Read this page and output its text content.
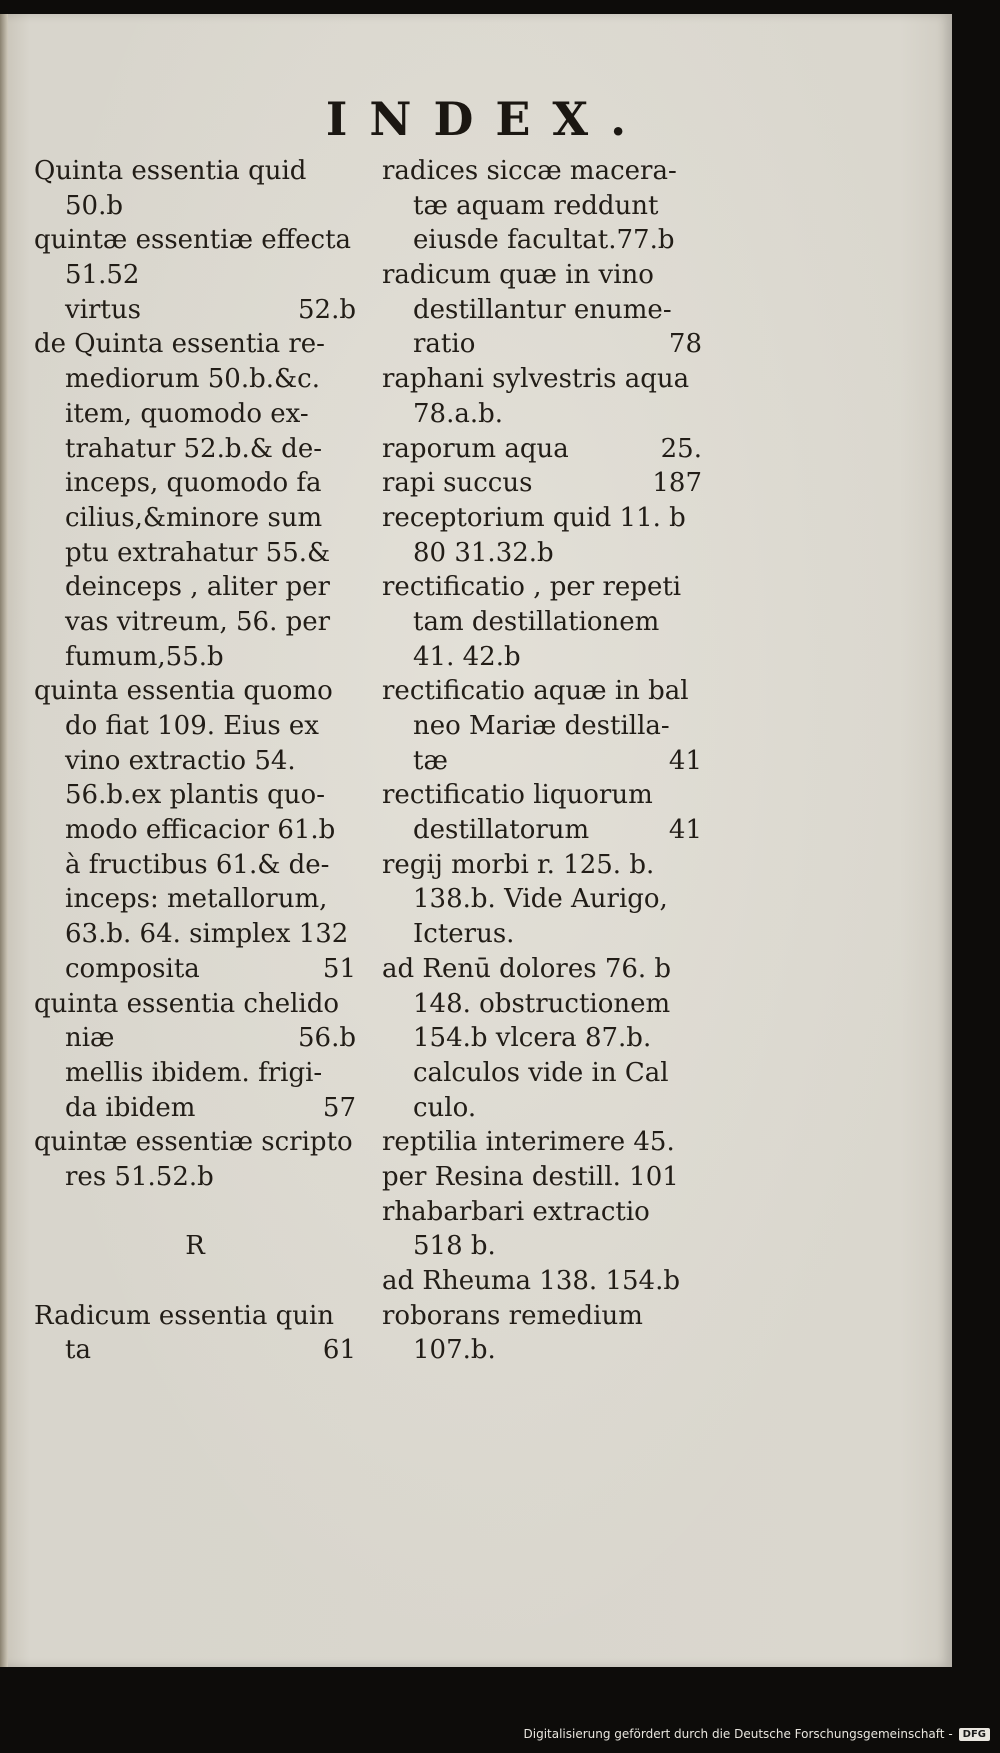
INDEX.
Quinta essentia quid
50.b
quintæ essentiæ effecta
51.52
virtus	52.b
de Quinta essentia re-
mediorum 50.b.&c.
item, quomodo ex-
trahatur 52.b.& de-
inceps, quomodo fa
cilius,&minore sum
ptu extrahatur 55.&
deinceps , aliter per
vas vitreum, 56. per
fumum,55.b
quinta essentia quomo
do fiat 109. Eius ex
vino extractio 54.
56.b.ex plantis quo-
modo efficacior 61.b
à fructibus 61.& de-
inceps: metallorum,
63.b. 64. simplex 132
composita	51
quinta essentia chelido
niæ	56.b
mellis ibidem. frigi-
da ibidem	57
quintæ essentiæ scripto
res 51.52.b
R
Radicum essentia quin
ta	61
radices siccæ macera-
tæ aquam reddunt
eiusde facultat.77.b
radicum quæ in vino
destillantur enume-
ratio	78
raphani sylvestris aqua
78.a.b.
raporum aqua	25.
rapi succus	187
receptorium quid 11. b
80 31.32.b
rectificatio , per repeti
tam destillationem
41. 42.b
rectificatio aquæ in bal
neo Mariæ destilla-
tæ	41
rectificatio liquorum
destillatorum	41
regij morbi r. 125. b.
138.b. Vide Aurigo,
Icterus.
ad Renū dolores 76. b
148. obstructionem
154.b vlcera 87.b.
calculos vide in Cal
culo.
reptilia interimere 45.
per Resina destill. 101
rhabarbari extractio
518 b.
ad Rheuma 138. 154.b
roborans remedium
107.b.
Digitalisierung gefördert durch die Deutsche Forschungsgemeinschaft -	DFG
